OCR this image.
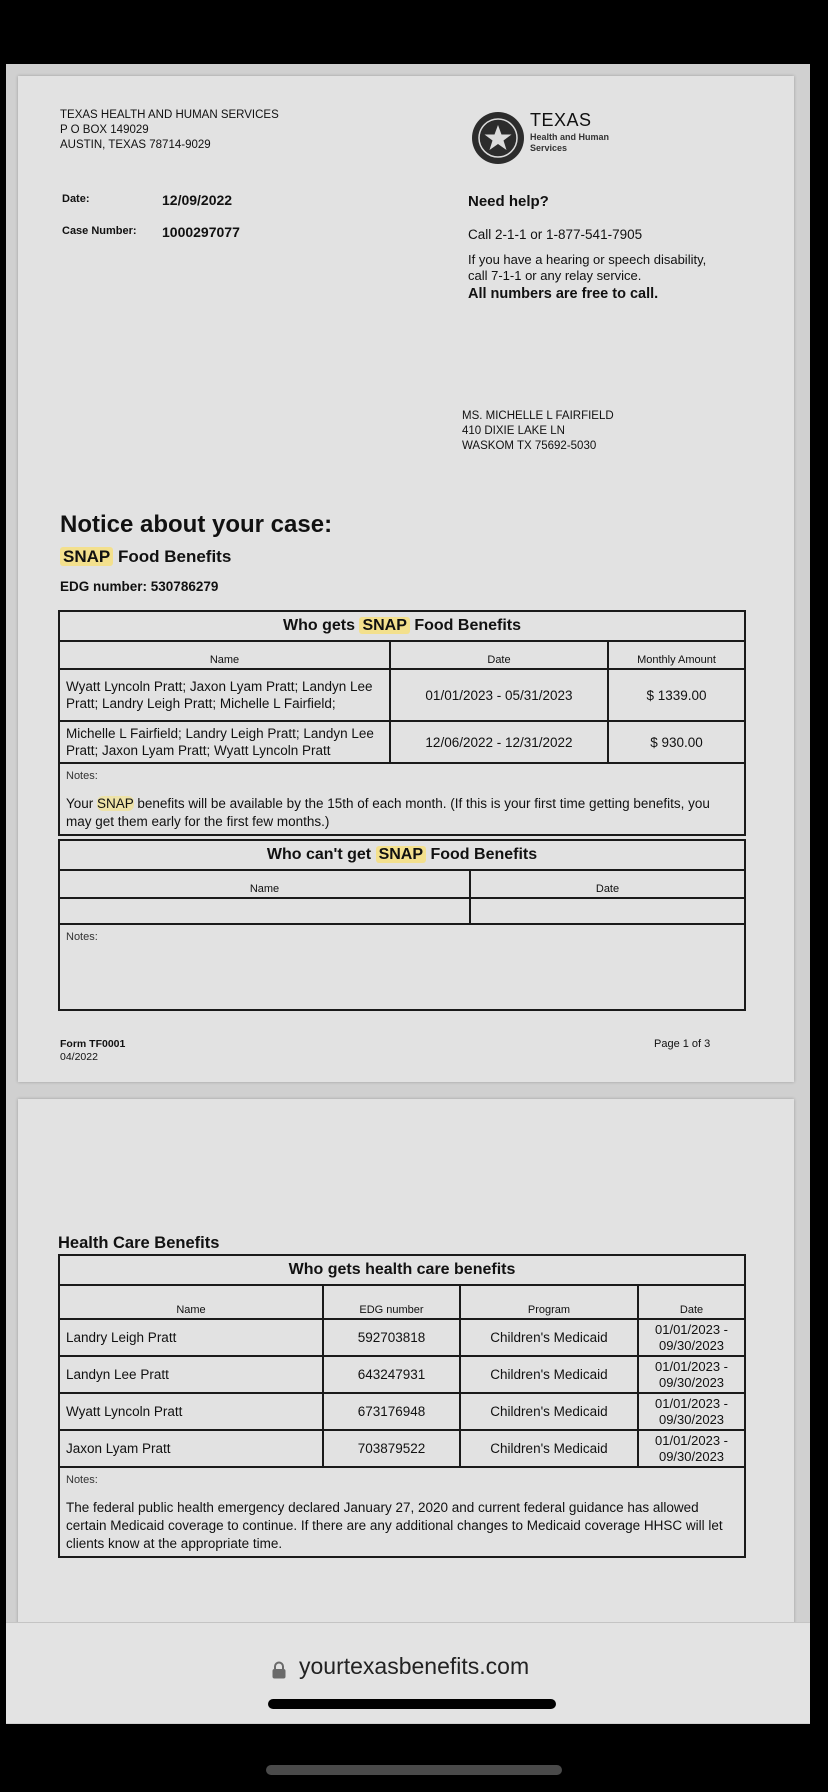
TEXAS HEALTH AND HUMAN SERVICES
P O BOX 149029
AUSTIN, TEXAS 78714-9029
TEXAS
Health and Human
Services
Date:	12/09/2022
Case Number: 1000297077
Need help?
Call 2-1-1 or 1-877-541-7905
If you have a hearing or speech disability,
call 7-1-1 or any relay service.
All numbers are free to call.
MS. MICHELLE L FAIRFIELD
410 DIXIE LAKE LN
WASKOM TX 75692-5030
Notice about your case:
SNAP Food Benefits
EDG number: 530786279
Who gets SNAP Food Benefits		
Name	Date	Monthly Amount
Wyatt Lyncoln Pratt; Jaxon Lyam Pratt; Landyn Lee Pratt; Landry Leigh Pratt; Michelle L Fairfield;	01/01/2023 - 05/31/2023	$ 1339.00
Michelle L Fairfield; Landry Leigh Pratt; Landyn Lee Pratt; Jaxon Lyam Pratt; Wyatt Lyncoln Pratt	12/06/2022 - 12/31/2022	$ 930.00

Notes:
Your SNAP benefits will be available by the 15th of each month. (If this is your first time getting benefits, you may get them early for the first few months.)		
Who can't get SNAP Food Benefits	
Name	Date

Notes:	
Form TF0001
04/2022
Page 1 of 3
Health Care Benefits
Who gets health care benefits			
Name	EDG number	Program	Date
Landry Leigh Pratt	592703818	Children's Medicaid	01/01/2023 -
09/30/2023

Landyn Lee Pratt	643247931	Children's Medicaid	01/01/2023 -
09/30/2023

Wyatt Lyncoln Pratt	673176948	Children's Medicaid	01/01/2023 -
09/30/2023

Jaxon Lyam Pratt	703879522	Children's Medicaid	01/01/2023 -
09/30/2023

Notes:
The federal public health emergency declared January 27, 2020 and current federal guidance has allowed certain Medicaid coverage to continue. If there are any additional changes to Medicaid coverage HHSC will let clients know at the appropriate time.			
yourtexasbenefits.com
